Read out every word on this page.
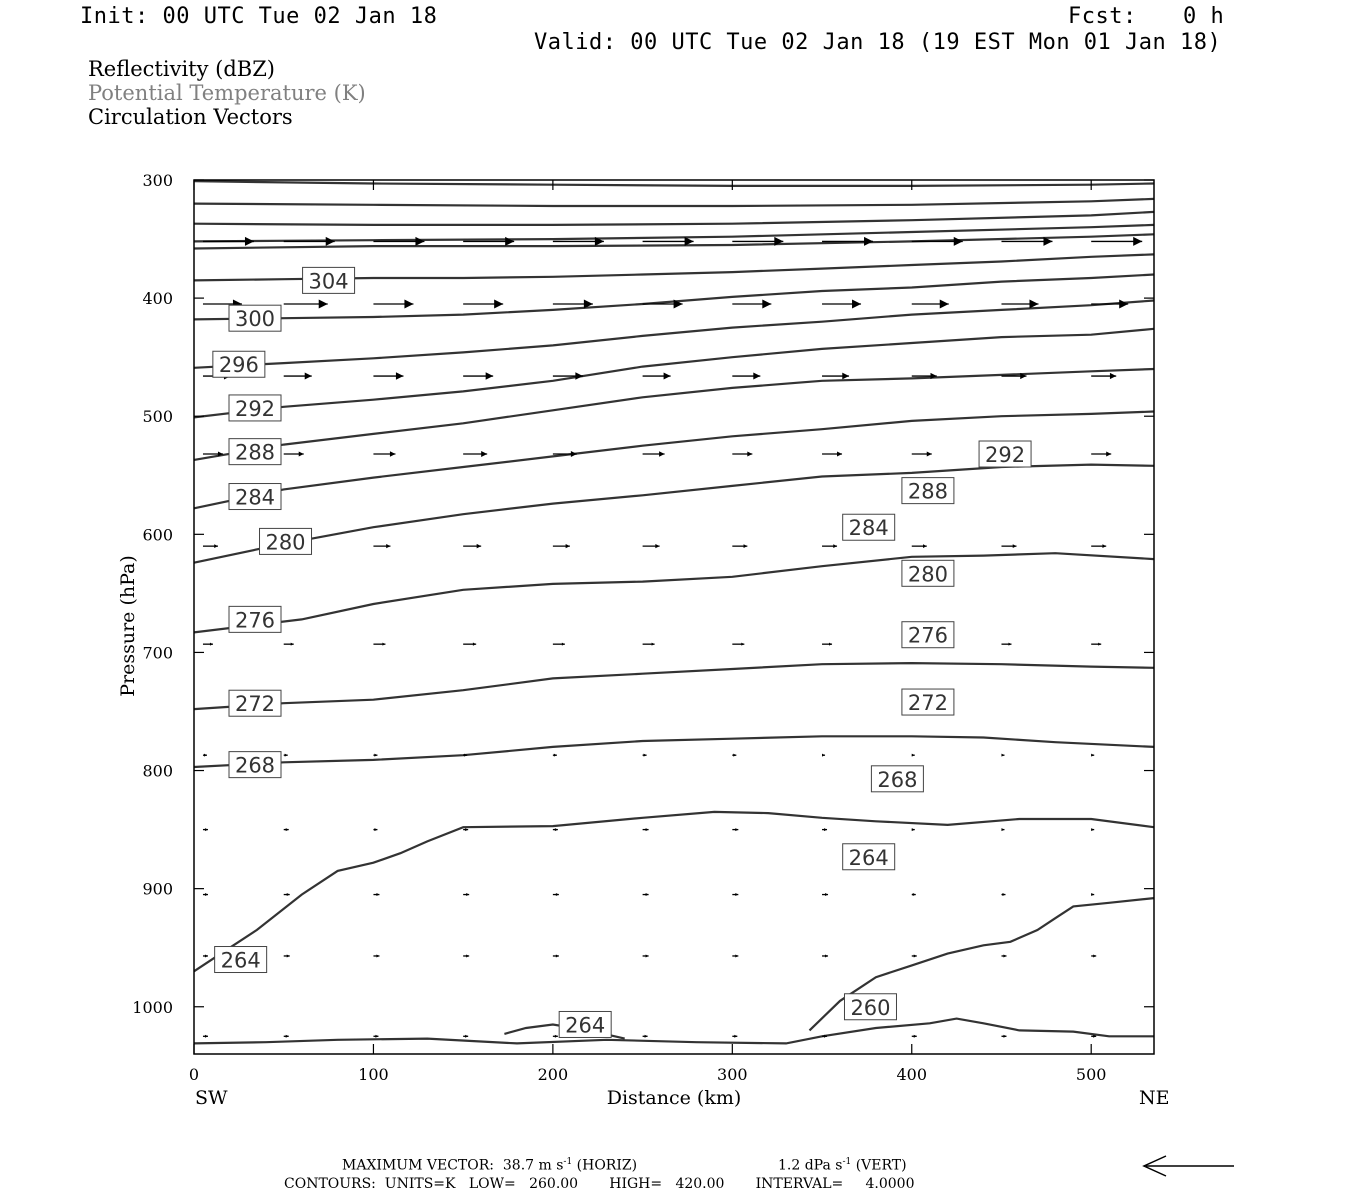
Init: 00 UTC Tue 02 Jan 18	Fcst: 0 h
Valid: 00 UTC Tue 02 Jan 18 (19 EST Mon 01 Jan 18)
Reflectivity (dBZ)
Potential Temperature (K)
Circulation Vectors
304
300
296
292
288
284
280
276
272
268
264
264
260
264
268
272
276
280
284
288
292
300
400
500
600
700
800
900
1000
0	100	200	300	400	500
Distance (km)
SW	NE
Pressure (hPa)
MAXIMUM VECTOR:  38.7 m $s^{-1}$ (HORIZ)	1.2 dPa $s^{-1}$ (VERT)
CONTOURS:  UNITS=K   LOW=   260.00       HIGH=   420.00       INTERVAL=     4.0000
